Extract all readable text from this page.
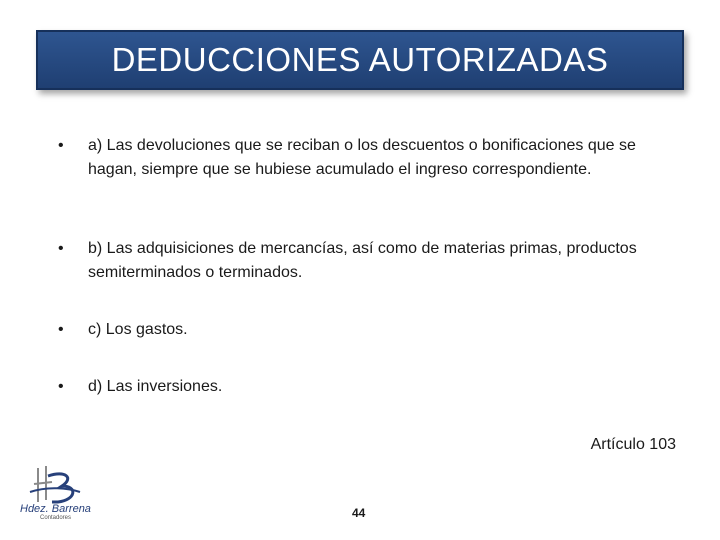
DEDUCCIONES AUTORIZADAS
•	a) Las devoluciones que se reciban o los descuentos o bonificaciones que se hagan, siempre que se hubiese acumulado el ingreso correspondiente.
•	b) Las adquisiciones de mercancías, así como de materias primas, productos semiterminados o terminados.
•	c) Los gastos.
•	d) Las inversiones.
Artículo 103
44
Hdez. Barrena
Contadores
